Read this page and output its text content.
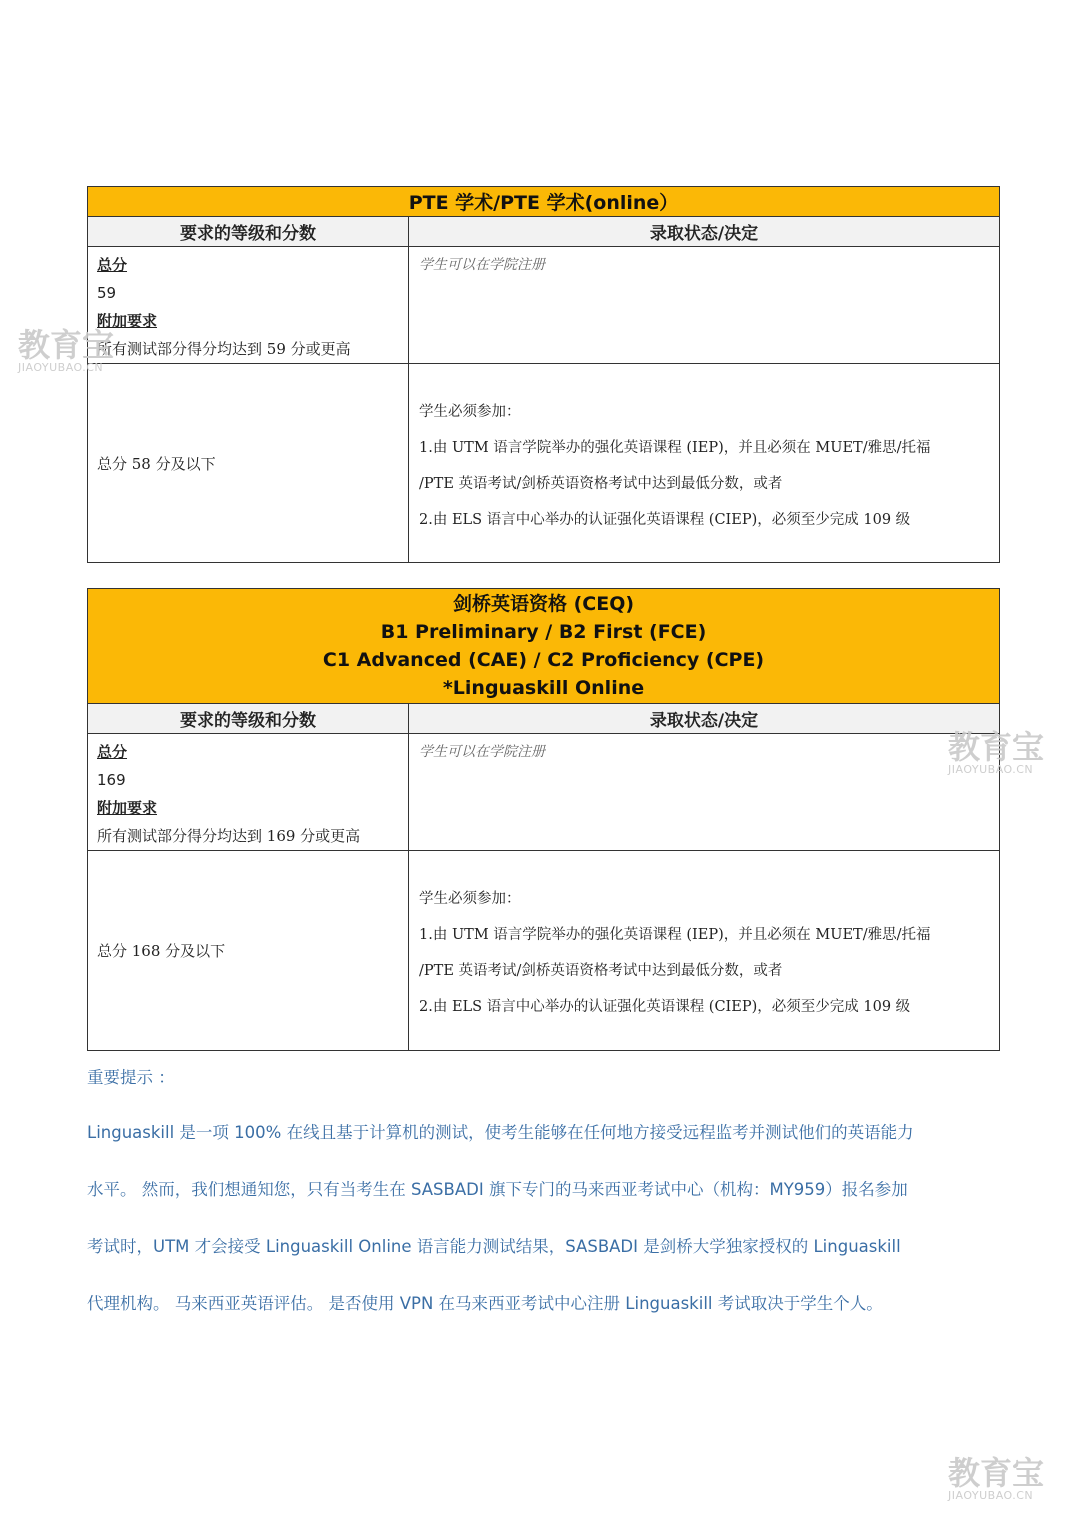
PTE 学术/PTE 学术(online）	
要求的等级和分数	录取状态/决定

总分
59
附加要求
所有测试部分得分均达到 59 分或更高	学生可以在学院注册
总分 58 分及以下	学生必须参加：
1.由 UTM 语言学院举办的强化英语课程 (IEP)，并且必须在 MUET/雅思/托福
/PTE 英语考试/剑桥英语资格考试中达到最低分数，或者
2.由 ELS 语言中心举办的认证强化英语课程 (CIEP)，必须至少完成 109 级
剑桥英语资格 (CEQ)
B1 Preliminary / B2 First (FCE)
C1 Advanced (CAE) / C2 Proficiency (CPE)
*Linguaskill Online	

要求的等级和分数	录取状态/决定

总分
169
附加要求
所有测试部分得分均达到 169 分或更高	学生可以在学院注册
总分 168 分及以下	学生必须参加：
1.由 UTM 语言学院举办的强化英语课程 (IEP)，并且必须在 MUET/雅思/托福
/PTE 英语考试/剑桥英语资格考试中达到最低分数，或者
2.由 ELS 语言中心举办的认证强化英语课程 (CIEP)，必须至少完成 109 级
重要提示 ：
Linguaskill 是一项 100% 在线且基于计算机的测试，使考生能够在任何地方接受远程监考并测试他们的英语能力
水平。 然而，我们想通知您，只有当考生在 SASBADI 旗下专门的马来西亚考试中心（机构：MY959）报名参加
考试时，UTM 才会接受 Linguaskill Online 语言能力测试结果，SASBADI 是剑桥大学独家授权的 Linguaskill
代理机构。 马来西亚英语评估。 是否使用 VPN 在马来西亚考试中心注册 Linguaskill 考试取决于学生个人。
教育宝
JIAOYUBAO.CN
教育宝
JIAOYUBAO.CN
教育宝
JIAOYUBAO.CN
